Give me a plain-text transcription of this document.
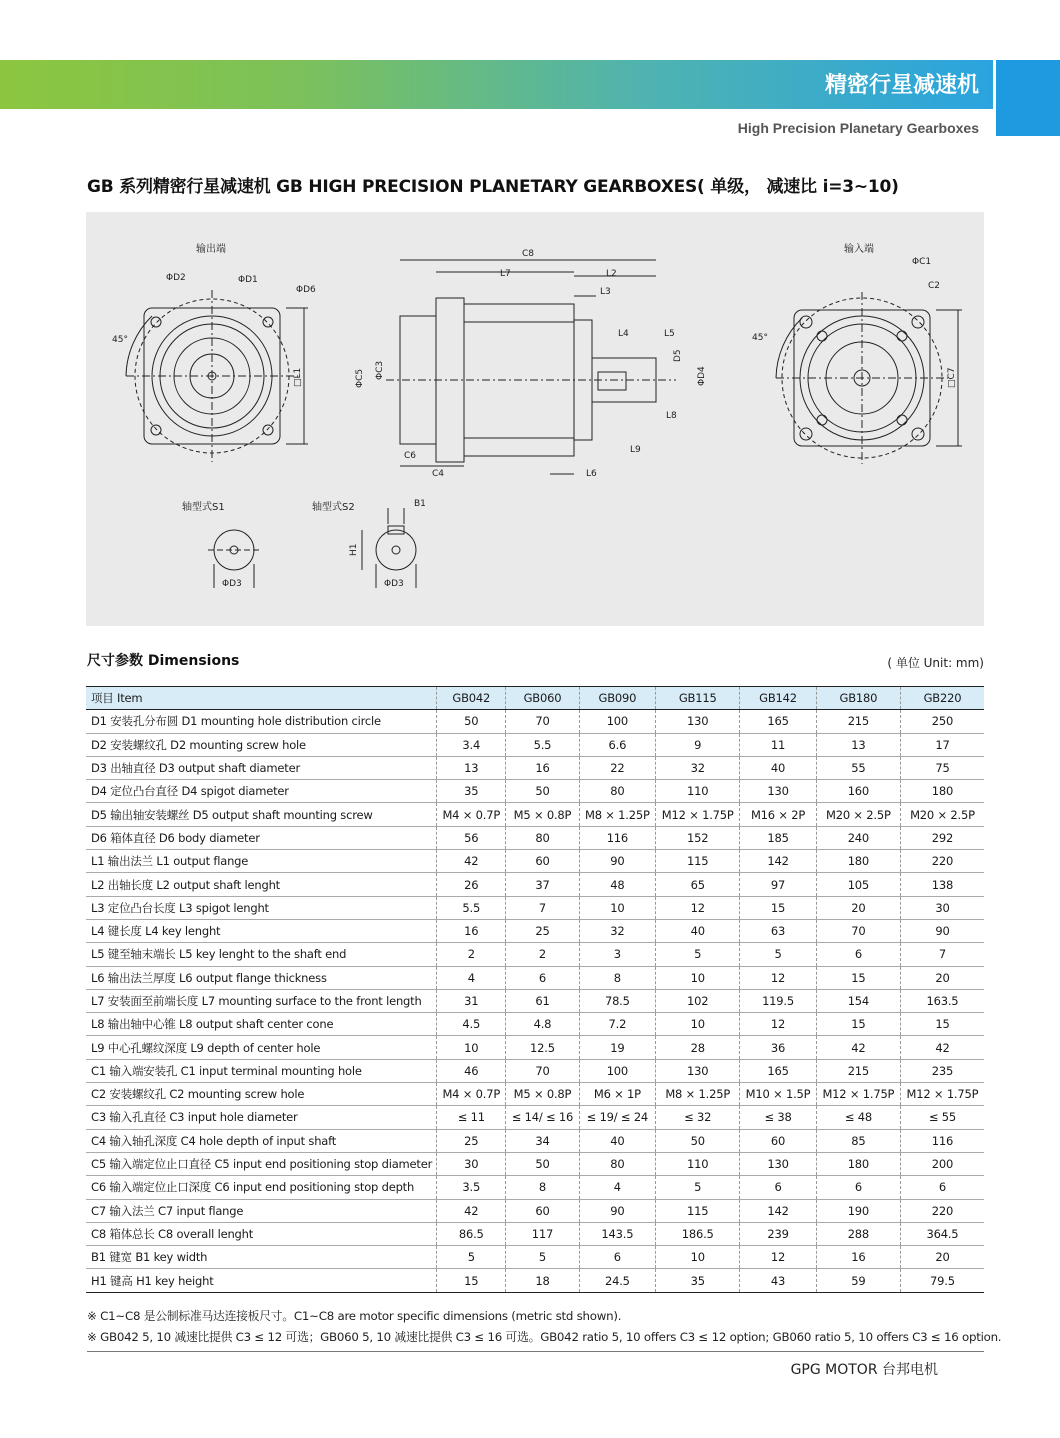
精密行星减速机
High Precision Planetary Gearboxes
GB 系列精密行星减速机 GB HIGH PRECISION PLANETARY GEARBOXES( 单级， 减速比 i=3~10)
输出端
□L1
ΦD2	ΦD1
ΦD6
45°
C8
L7	L2
L3
L4	L5
D5
ΦD4
ΦC5 ΦC3
L8
L9
C6
C4	L6
输入端
□C7
ΦC1
C2
45°
轴型式S1
ΦD3
轴型式S2	B1
H1
ΦD3
尺寸参数 Dimensions	( 单位 Unit: mm)
项目 Item	GB042	GB060	GB090	GB115	GB142	GB180	GB220
D1 安装孔分布圆 D1 mounting hole distribution circle	50	70	100	130	165	215	250
D2 安装螺纹孔 D2 mounting screw hole	3.4	5.5	6.6	9	11	13	17
D3 出轴直径 D3 output shaft diameter	13	16	22	32	40	55	75
D4 定位凸台直径 D4 spigot diameter	35	50	80	110	130	160	180
D5 输出轴安装螺丝 D5 output shaft mounting screw	M4 × 0.7P	M5 × 0.8P	M8 × 1.25P	M12 × 1.75P	M16 × 2P	M20 × 2.5P	M20 × 2.5P
D6 箱体直径 D6 body diameter	56	80	116	152	185	240	292
L1 输出法兰 L1 output flange	42	60	90	115	142	180	220
L2 出轴长度 L2 output shaft lenght	26	37	48	65	97	105	138
L3 定位凸台长度 L3 spigot lenght	5.5	7	10	12	15	20	30
L4 键长度 L4 key lenght	16	25	32	40	63	70	90
L5 键至轴末端长 L5 key lenght to the shaft end	2	2	3	5	5	6	7
L6 输出法兰厚度 L6 output flange thickness	4	6	8	10	12	15	20
L7 安装面至前端长度 L7 mounting surface to the front length	31	61	78.5	102	119.5	154	163.5
L8 输出轴中心锥 L8 output shaft center cone	4.5	4.8	7.2	10	12	15	15
L9 中心孔螺纹深度 L9 depth of center hole	10	12.5	19	28	36	42	42
C1 输入端安装孔 C1 input terminal mounting hole	46	70	100	130	165	215	235
C2 安装螺纹孔 C2 mounting screw hole	M4 × 0.7P	M5 × 0.8P	M6 × 1P	M8 × 1.25P	M10 × 1.5P	M12 × 1.75P	M12 × 1.75P
C3 输入孔直径 C3 input hole diameter	≤ 11	≤ 14/ ≤ 16	≤ 19/ ≤ 24	≤ 32	≤ 38	≤ 48	≤ 55
C4 输入轴孔深度 C4 hole depth of input shaft	25	34	40	50	60	85	116
C5 输入端定位止口直径 C5 input end positioning stop diameter	30	50	80	110	130	180	200
C6 输入端定位止口深度 C6 input end positioning stop depth	3.5	8	4	5	6	6	6
C7 输入法兰 C7 input flange	42	60	90	115	142	190	220
C8 箱体总长 C8 overall lenght	86.5	117	143.5	186.5	239	288	364.5
B1 键宽 B1 key width	5	5	6	10	12	16	20
H1 键高 H1 key height	15	18	24.5	35	43	59	79.5
※ C1~C8 是公制标准马达连接板尺寸。C1~C8 are motor specific dimensions (metric std shown).
※ GB042 5, 10 减速比提供 C3 ≤ 12 可选；GB060 5, 10 减速比提供 C3 ≤ 16 可选。GB042 ratio 5, 10 offers C3 ≤ 12 option; GB060 ratio 5, 10 offers C3 ≤ 16 option.
GPG MOTOR 台邦电机
